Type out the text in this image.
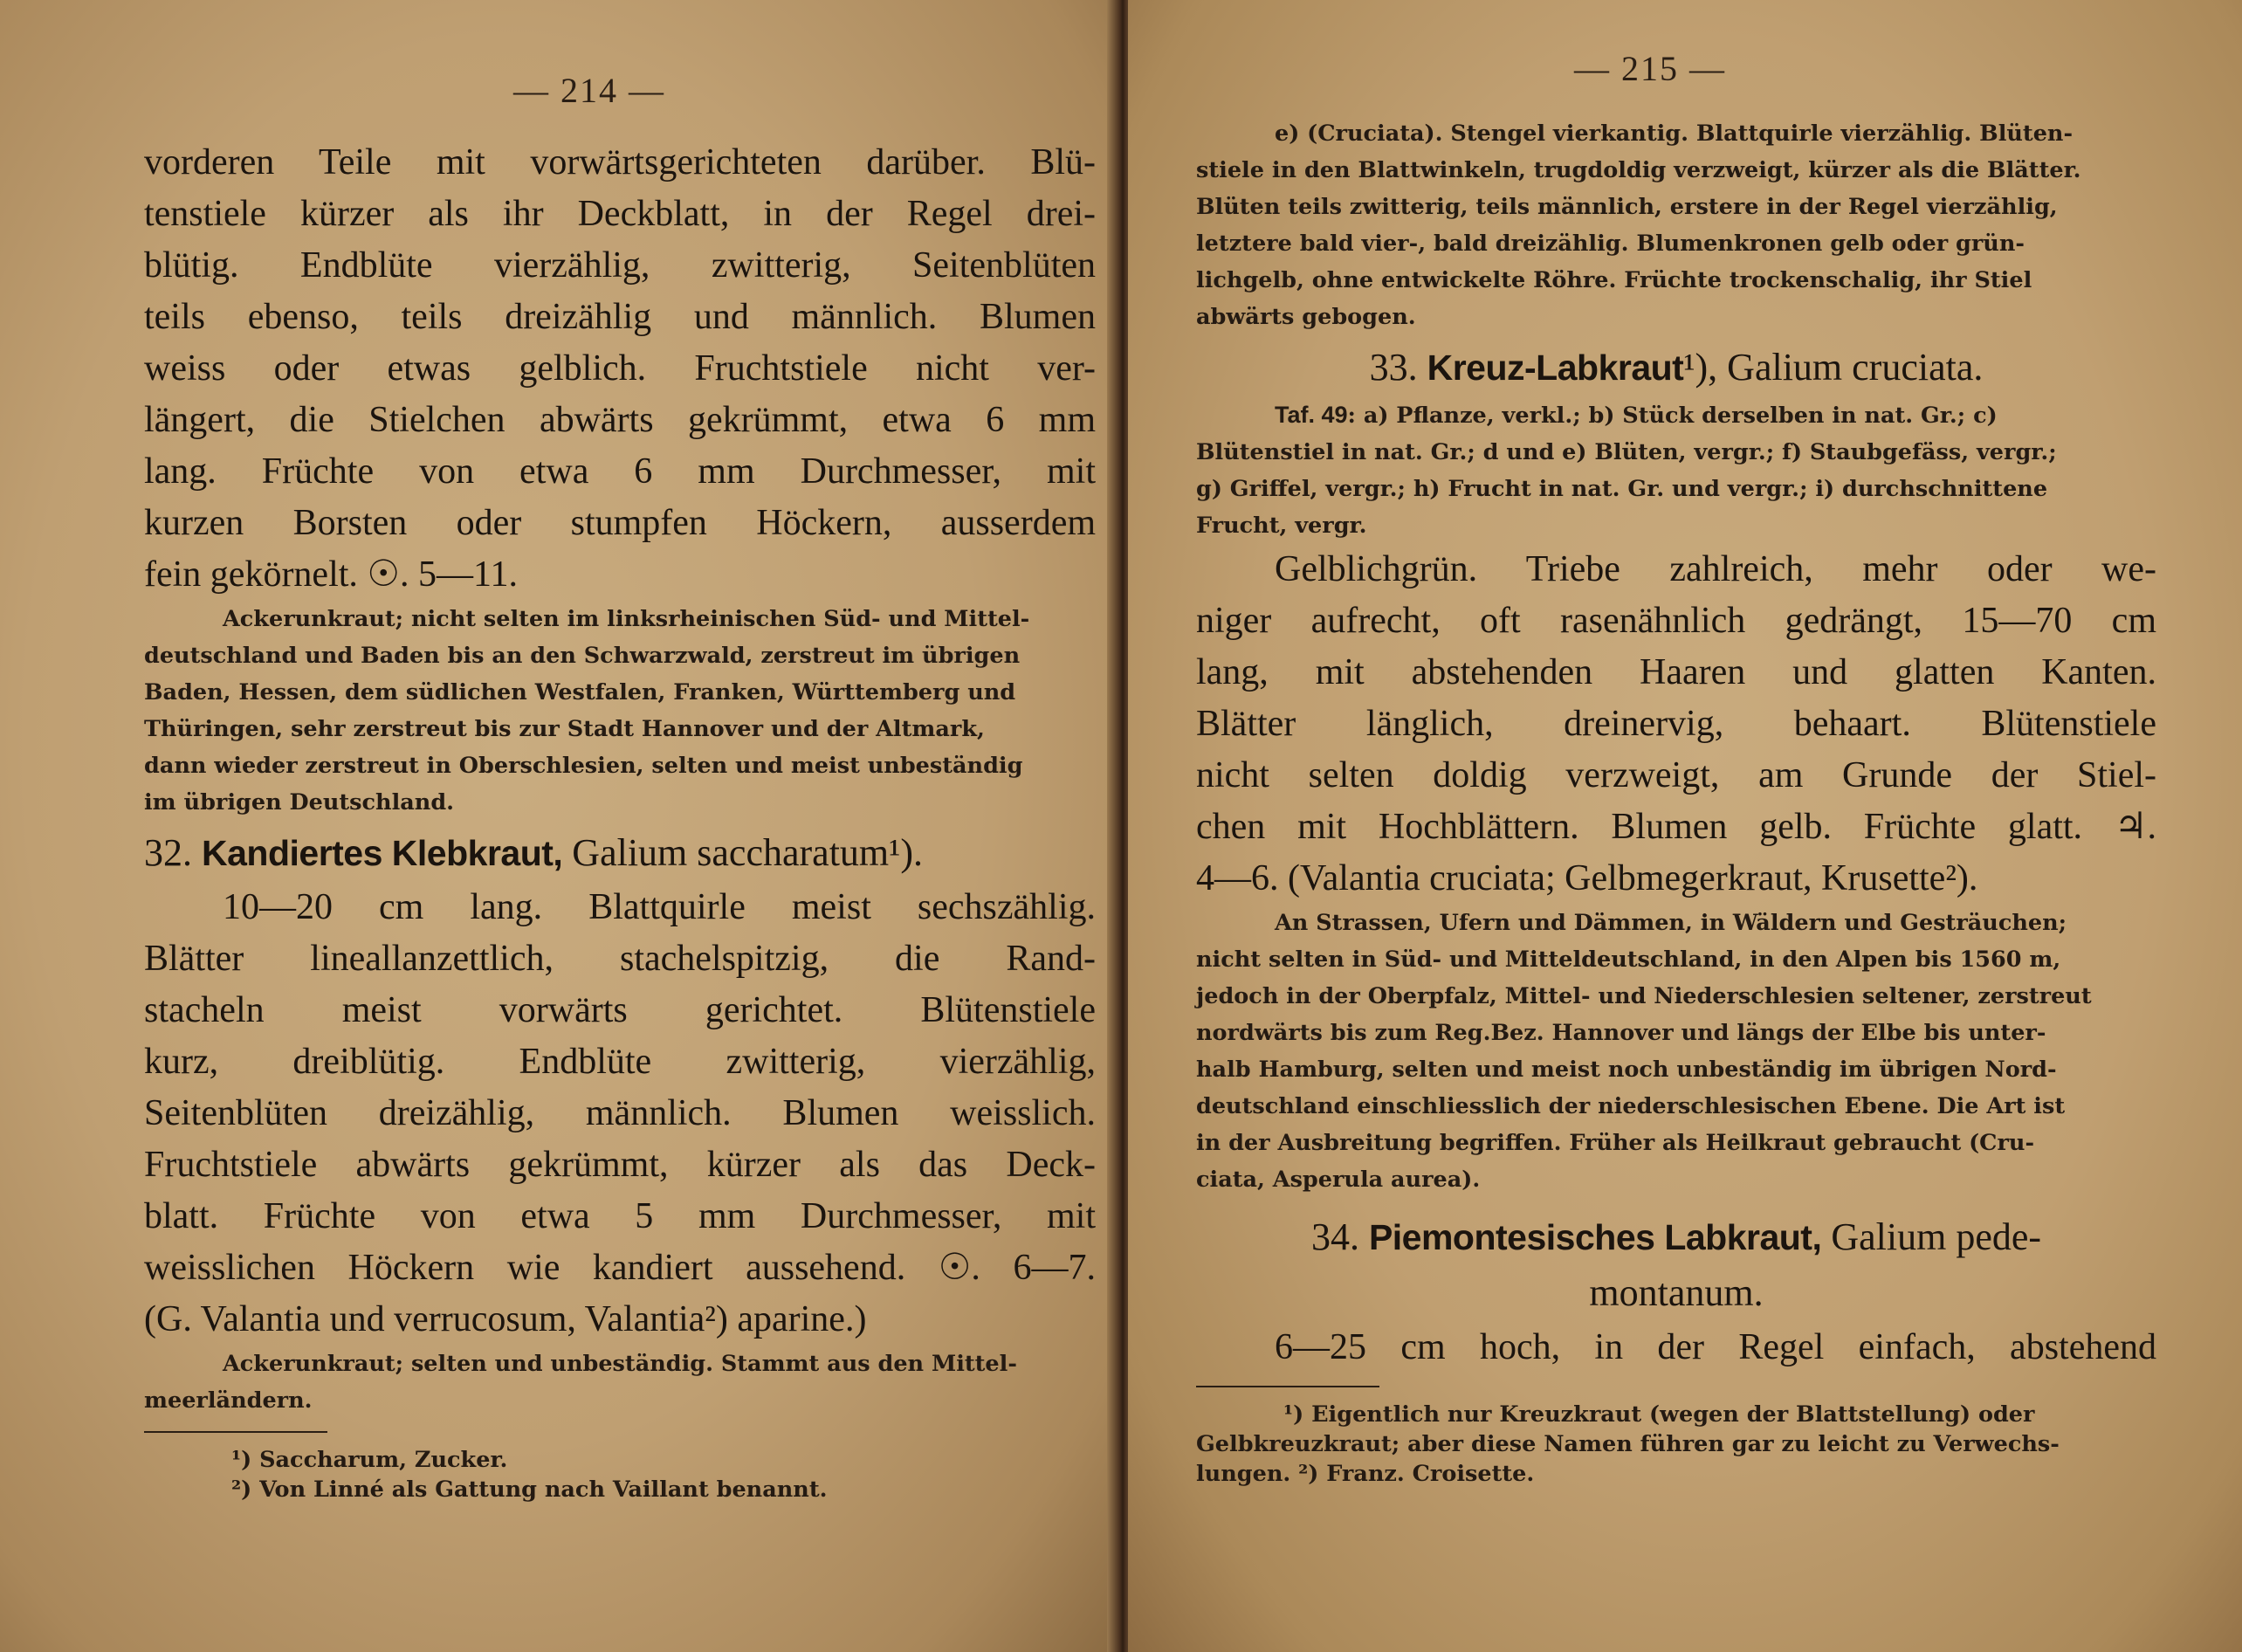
— 214 —

vorderen Teile mit vorwärtsgerichteten darüber. Blü-

tenstiele kürzer als ihr Deckblatt, in der Regel drei-

blütig. Endblüte vierzählig, zwitterig, Seitenblüten

teils ebenso, teils dreizählig und männlich. Blumen

weiss oder etwas gelblich. Fruchtstiele nicht ver-

längert, die Stielchen abwärts gekrümmt, etwa 6 mm

lang. Früchte von etwa 6 mm Durchmesser, mit

kurzen Borsten oder stumpfen Höckern, ausserdem

fein gekörnelt. ☉. 5—11.

Ackerunkraut; nicht selten im linksrheinischen Süd- und Mittel-

deutschland und Baden bis an den Schwarzwald, zerstreut im übrigen

Baden, Hessen, dem südlichen Westfalen, Franken, Württemberg und

Thüringen, sehr zerstreut bis zur Stadt Hannover und der Altmark,

dann wieder zerstreut in Oberschlesien, selten und meist unbeständig

im übrigen Deutschland.

32. Kandiertes Klebkraut, Galium saccharatum¹).

10—20 cm lang. Blattquirle meist sechszählig.

Blätter lineallanzettlich, stachelspitzig, die Rand-

stacheln meist vorwärts gerichtet. Blütenstiele

kurz, dreiblütig. Endblüte zwitterig, vierzählig,

Seitenblüten dreizählig, männlich. Blumen weisslich.

Fruchtstiele abwärts gekrümmt, kürzer als das Deck-

blatt. Früchte von etwa 5 mm Durchmesser, mit

weisslichen Höckern wie kandiert aussehend. ☉. 6—7.

(G. Valantia und verrucosum, Valantia²) aparine.)

Ackerunkraut; selten und unbeständig. Stammt aus den Mittel-

meerländern.

¹) Saccharum, Zucker.

²) Von Linné als Gattung nach Vaillant benannt.

— 215 —

e) (Cruciata). Stengel vierkantig. Blattquirle vierzählig. Blüten-

stiele in den Blattwinkeln, trugdoldig verzweigt, kürzer als die Blätter.

Blüten teils zwitterig, teils männlich, erstere in der Regel vierzählig,

letztere bald vier-, bald dreizählig. Blumenkronen gelb oder grün-

lichgelb, ohne entwickelte Röhre. Früchte trockenschalig, ihr Stiel

abwärts gebogen.

33. Kreuz-Labkraut¹), Galium cruciata.

Taf. 49: a) Pflanze, verkl.; b) Stück derselben in nat. Gr.; c)

Blütenstiel in nat. Gr.; d und e) Blüten, vergr.; f) Staubgefäss, vergr.;

g) Griffel, vergr.; h) Frucht in nat. Gr. und vergr.; i) durchschnittene

Frucht, vergr.

Gelblichgrün. Triebe zahlreich, mehr oder we-

niger aufrecht, oft rasenähnlich gedrängt, 15—70 cm

lang, mit abstehenden Haaren und glatten Kanten.

Blätter länglich, dreinervig, behaart. Blütenstiele

nicht selten doldig verzweigt, am Grunde der Stiel-

chen mit Hochblättern. Blumen gelb. Früchte glatt. ♃.

4—6. (Valantia cruciata; Gelbmegerkraut, Krusette²).

An Strassen, Ufern und Dämmen, in Wäldern und Gesträuchen;

nicht selten in Süd- und Mitteldeutschland, in den Alpen bis 1560 m,

jedoch in der Oberpfalz, Mittel- und Niederschlesien seltener, zerstreut

nordwärts bis zum Reg.Bez. Hannover und längs der Elbe bis unter-

halb Hamburg, selten und meist noch unbeständig im übrigen Nord-

deutschland einschliesslich der niederschlesischen Ebene. Die Art ist

in der Ausbreitung begriffen. Früher als Heilkraut gebraucht (Cru-

ciata, Asperula aurea).

34. Piemontesisches Labkraut, Galium pede-
montanum.

6—25 cm hoch, in der Regel einfach, abstehend

¹) Eigentlich nur Kreuzkraut (wegen der Blattstellung) oder

Gelbkreuzkraut; aber diese Namen führen gar zu leicht zu Verwechs-

lungen. ²) Franz. Croisette.
